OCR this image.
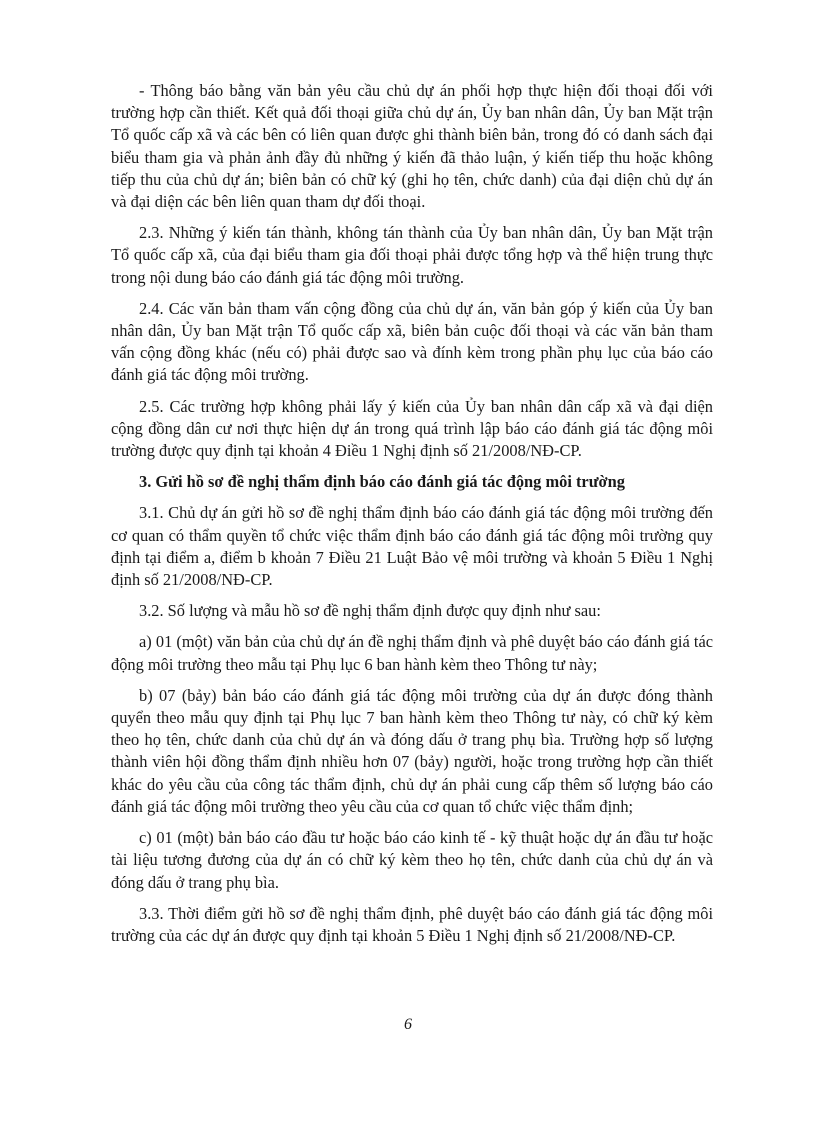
- Thông báo bằng văn bản yêu cầu chủ dự án phối hợp thực hiện đối thoại đối với trường hợp cần thiết. Kết quả đối thoại giữa chủ dự án, Ủy ban nhân dân, Ủy ban Mặt trận Tổ quốc cấp xã và các bên có liên quan được ghi thành biên bản, trong đó có danh sách đại biểu tham gia và phản ảnh đầy đủ những ý kiến đã thảo luận, ý kiến tiếp thu hoặc không tiếp thu của chủ dự án; biên bản có chữ ký (ghi họ tên, chức danh) của đại diện chủ dự án và đại diện các bên liên quan tham dự đối thoại.

2.3. Những ý kiến tán thành, không tán thành của Ủy ban nhân dân, Ủy ban Mặt trận Tổ quốc cấp xã, của đại biểu tham gia đối thoại phải được tổng hợp và thể hiện trung thực trong nội dung báo cáo đánh giá tác động môi trường.

2.4. Các văn bản tham vấn cộng đồng của chủ dự án, văn bản góp ý kiến của Ủy ban nhân dân, Ủy ban Mặt trận Tổ quốc cấp xã, biên bản cuộc đối thoại và các văn bản tham vấn cộng đồng khác (nếu có) phải được sao và đính kèm trong phần phụ lục của báo cáo đánh giá tác động môi trường.

2.5. Các trường hợp không phải lấy ý kiến của Ủy ban nhân dân cấp xã và đại diện cộng đồng dân cư nơi thực hiện dự án trong quá trình lập báo cáo đánh giá tác động môi trường được quy định tại khoản 4 Điều 1 Nghị định số 21/2008/NĐ-CP.

3. Gửi hồ sơ đề nghị thẩm định báo cáo đánh giá tác động môi trường

3.1. Chủ dự án gửi hồ sơ đề nghị thẩm định báo cáo đánh giá tác động môi trường đến cơ quan có thẩm quyền tổ chức việc thẩm định báo cáo đánh giá tác động môi trường quy định tại điểm a, điểm b khoản 7 Điều 21 Luật Bảo vệ môi trường và khoản 5 Điều 1 Nghị định số 21/2008/NĐ-CP.

3.2. Số lượng và mẫu hồ sơ đề nghị thẩm định được quy định như sau:

a) 01 (một) văn bản của chủ dự án đề nghị thẩm định và phê duyệt báo cáo đánh giá tác động môi trường theo mẫu tại Phụ lục 6 ban hành kèm theo Thông tư này;

b) 07 (bảy) bản báo cáo đánh giá tác động môi trường của dự án được đóng thành quyển theo mẫu quy định tại Phụ lục 7 ban hành kèm theo Thông tư này, có chữ ký kèm theo họ tên, chức danh của chủ dự án và đóng dấu ở trang phụ bìa. Trường hợp số lượng thành viên hội đồng thẩm định nhiều hơn 07 (bảy) người, hoặc trong trường hợp cần thiết khác do yêu cầu của công tác thẩm định, chủ dự án phải cung cấp thêm số lượng báo cáo đánh giá tác động môi trường theo yêu cầu của cơ quan tổ chức việc thẩm định;

c) 01 (một) bản báo cáo đầu tư hoặc báo cáo kinh tế - kỹ thuật hoặc dự án đầu tư hoặc tài liệu tương đương của dự án có chữ ký kèm theo họ tên, chức danh của chủ dự án và đóng dấu ở trang phụ bìa.

3.3. Thời điểm gửi hồ sơ đề nghị thẩm định, phê duyệt báo cáo đánh giá tác động môi trường của các dự án được quy định tại khoản 5 Điều 1 Nghị định số 21/2008/NĐ-CP.

6
